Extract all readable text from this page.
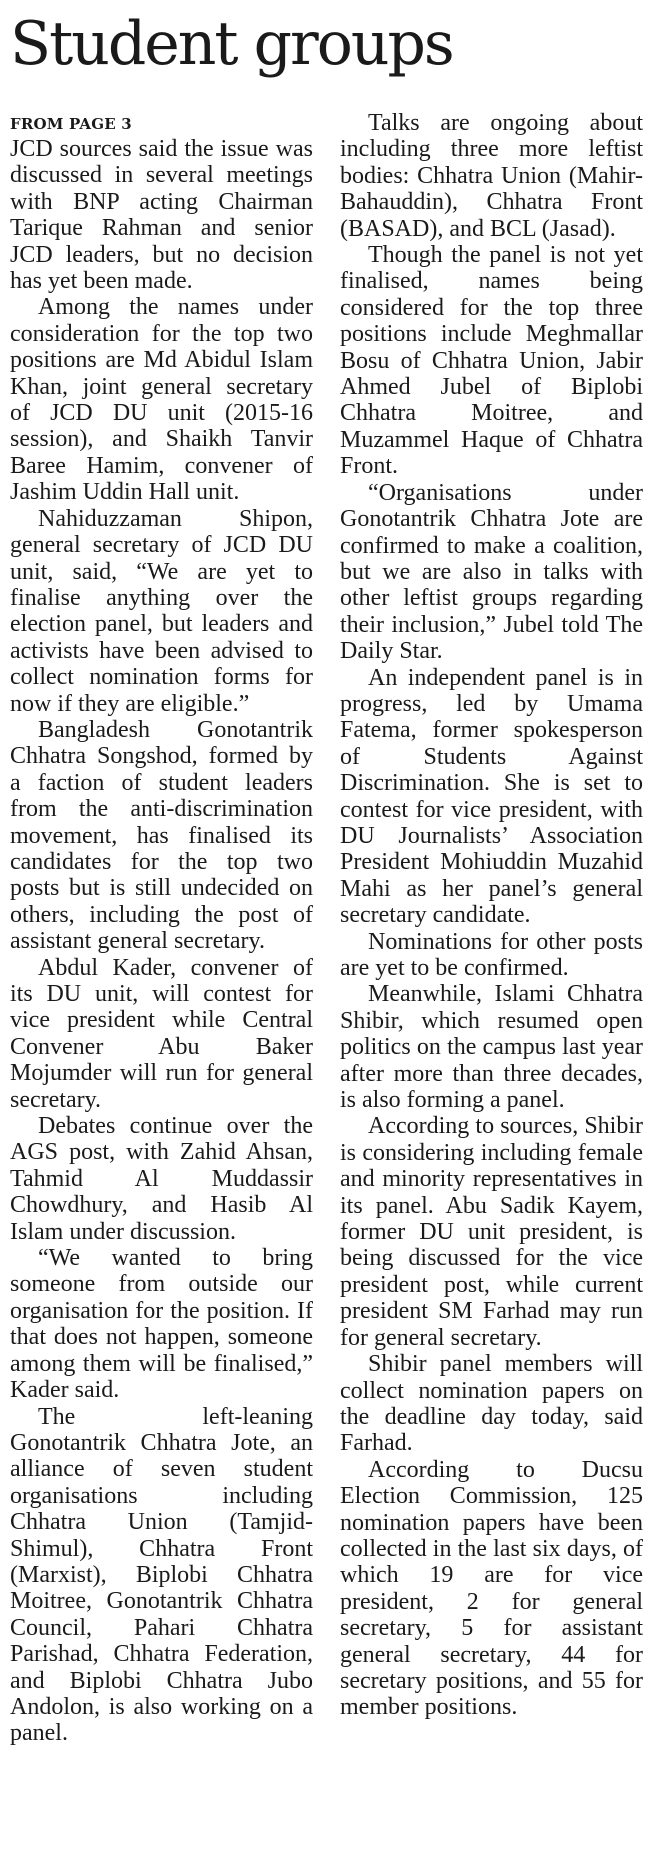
Student groups
FROM PAGE 3

JCD sources said the issue was discussed in several meetings with BNP acting Chairman Tarique Rahman and senior JCD leaders, but no decision has yet been made.

Among the names under consideration for the top two positions are Md Abidul Islam Khan, joint general secretary of JCD DU unit (2015-16 session), and Shaikh Tanvir Baree Hamim, convener of Jashim Uddin Hall unit.

Nahiduzzaman Shipon, general secretary of JCD DU unit, said, “We are yet to finalise anything over the election panel, but leaders and activists have been advised to collect nomination forms for now if they are eligible.”

Bangladesh Gonotantrik Chhatra Songshod, formed by a faction of student leaders from the anti-discrimination movement, has finalised its candidates for the top two posts but is still undecided on others, including the post of assistant general secretary.

Abdul Kader, convener of its DU unit, will contest for vice president while Central Convener Abu Baker Mojumder will run for general secretary.

Debates continue over the AGS post, with Zahid Ahsan, Tahmid Al Muddassir Chowdhury, and Hasib Al Islam under discussion.

“We wanted to bring someone from outside our organisation for the position. If that does not happen, someone among them will be finalised,” Kader said.

The left-leaning Gonotantrik Chhatra Jote, an alliance of seven student organisations including Chhatra Union (Tamjid-Shimul), Chhatra Front (Marxist), Biplobi Chhatra Moitree, Gonotantrik Chhatra Council, Pahari Chhatra Parishad, Chhatra Federation, and Biplobi Chhatra Jubo Andolon, is also working on a panel.

Talks are ongoing about including three more leftist bodies: Chhatra Union (Mahir-Bahauddin), Chhatra Front (BASAD), and BCL (Jasad).

Though the panel is not yet finalised, names being considered for the top three positions include Meghmallar Bosu of Chhatra Union, Jabir Ahmed Jubel of Biplobi Chhatra Moitree, and Muzammel Haque of Chhatra Front.

“Organisations under Gonotantrik Chhatra Jote are confirmed to make a coalition, but we are also in talks with other leftist groups regarding their inclusion,” Jubel told The Daily Star.

An independent panel is in progress, led by Umama Fatema, former spokesperson of Students Against Discrimination. She is set to contest for vice president, with DU Journalists’ Association President Mohiuddin Muzahid Mahi as her panel’s general secretary candidate.

Nominations for other posts are yet to be confirmed.

Meanwhile, Islami Chhatra Shibir, which resumed open politics on the campus last year after more than three decades, is also forming a panel.

According to sources, Shibir is considering including female and minority representatives in its panel. Abu Sadik Kayem, former DU unit president, is being discussed for the vice president post, while current president SM Farhad may run for general secretary.

Shibir panel members will collect nomination papers on the deadline day today, said Farhad.

According to Ducsu Election Commission, 125 nomination papers have been collected in the last six days, of which 19 are for vice president, 2 for general secretary, 5 for assistant general secretary, 44 for secretary positions, and 55 for member positions.
